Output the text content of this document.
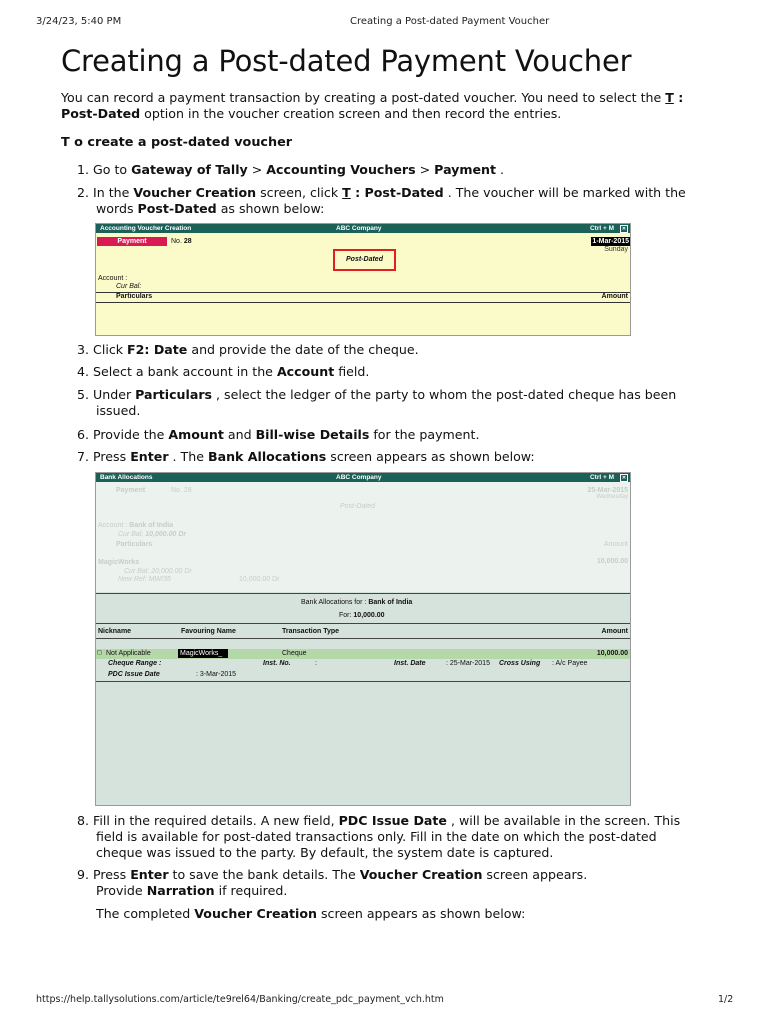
3/24/23, 5:40 PM	Creating a Post-dated Payment Voucher
Creating a Post-dated Payment Voucher
You can record a payment transaction by creating a post-dated voucher. You need to select the T :
Post-Dated option in the voucher creation screen and then record the entries.
T o create a post-dated voucher
1. Go to Gateway of Tally > Accounting Vouchers > Payment .
2. In the Voucher Creation screen, click T : Post-Dated . The voucher will be marked with the
words Post-Dated as shown below:
Accounting Voucher Creation	ABC Company	Ctrl + M	✕
Payment	No. 28	1-Mar-2015
Sunday
Post-Dated
Account :
Cur Bal:
Particulars	Amount
3. Click F2: Date and provide the date of the cheque.
4. Select a bank account in the Account field.
5. Under Particulars , select the ledger of the party to whom the post-dated cheque has been
issued.
6. Provide the Amount and Bill-wise Details for the payment.
7. Press Enter . The Bank Allocations screen appears as shown below:
Bank Allocations	ABC Company	Ctrl + M	✕
Payment	No. 28	25-Mar-2015
Wednesday
Post-Dated
Account : Bank of India
Cur Bal: 10,000.00 Dr
Particulars	Amount
MagicWorks	10,000.00
Cur Bal: 20,000.00 Dr
New Ref: MW/35	10,000.00 Dr
Bank Allocations for : Bank of India
For: 10,000.00
Nickname	Favouring Name	Transaction Type	Amount
◻ Not Applicable	MagicWorks_	Cheque	10,000.00
Cheque Range :	Inst. No.	:	Inst. Date	: 25-Mar-2015 Cross Using : A/c Payee
PDC Issue Date	: 3-Mar-2015
8. Fill in the required details. A new field, PDC Issue Date , will be available in the screen. This
field is available for post-dated transactions only. Fill in the date on which the post-dated
cheque was issued to the party. By default, the system date is captured.
9. Press Enter to save the bank details. The Voucher Creation screen appears.
Provide Narration if required.
The completed Voucher Creation screen appears as shown below:
https://help.tallysolutions.com/article/te9rel64/Banking/create_pdc_payment_vch.htm	1/2
